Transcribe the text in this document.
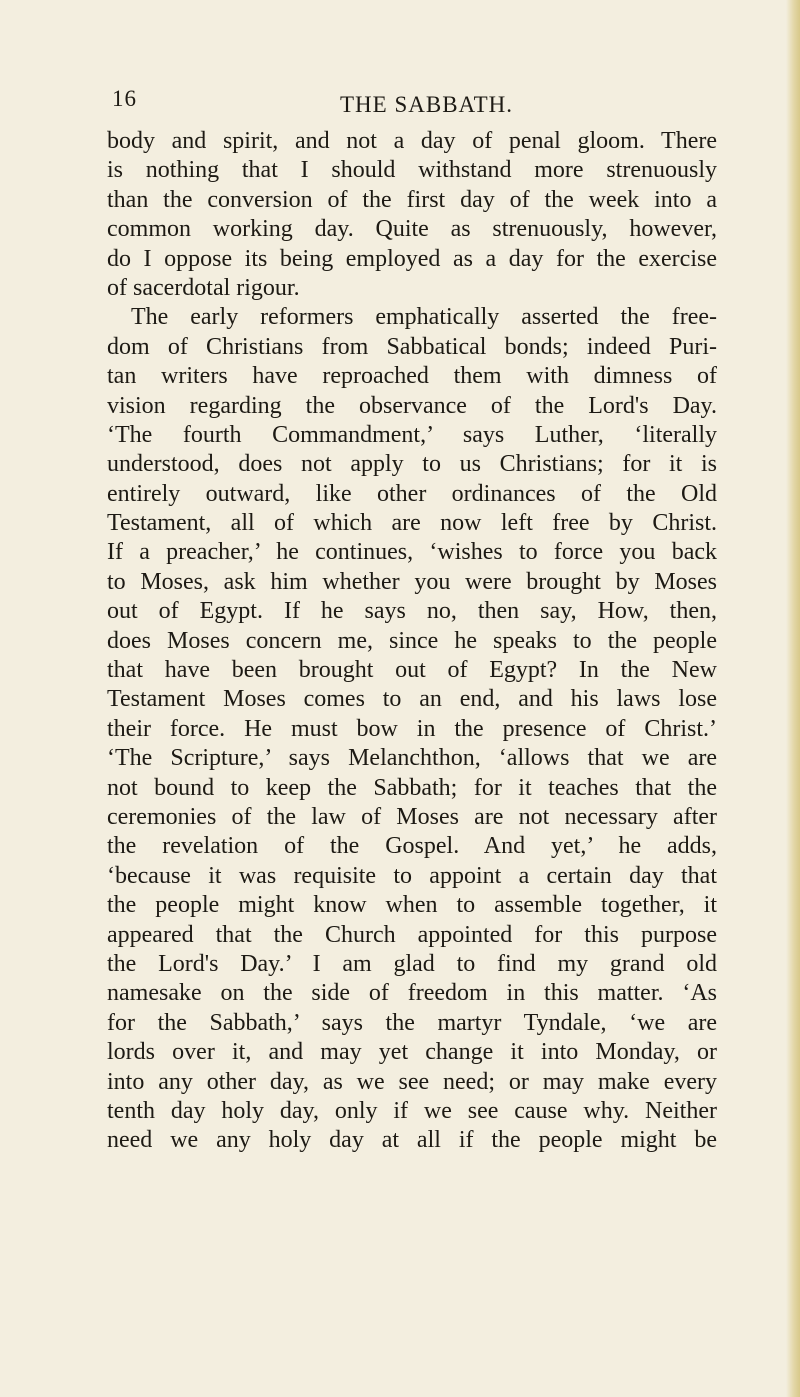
16	THE SABBATH.
body and spirit, and not a day of penal gloom. There
is nothing that I should withstand more strenuously
than the conversion of the first day of the week into a
common working day. Quite as strenuously, however,
do I oppose its being employed as a day for the exercise
of sacerdotal rigour.
The early reformers emphatically asserted the free-
dom of Christians from Sabbatical bonds; indeed Puri-
tan writers have reproached them with dimness of
vision regarding the observance of the Lord's Day.
‘The fourth Commandment,’ says Luther, ‘literally
understood, does not apply to us Christians; for it is
entirely outward, like other ordinances of the Old
Testament, all of which are now left free by Christ.
If a preacher,’ he continues, ‘wishes to force you back
to Moses, ask him whether you were brought by Moses
out of Egypt. If he says no, then say, How, then,
does Moses concern me, since he speaks to the people
that have been brought out of Egypt? In the New
Testament Moses comes to an end, and his laws lose
their force. He must bow in the presence of Christ.’
‘The Scripture,’ says Melanchthon, ‘allows that we are
not bound to keep the Sabbath; for it teaches that the
ceremonies of the law of Moses are not necessary after
the revelation of the Gospel. And yet,’ he adds,
‘because it was requisite to appoint a certain day that
the people might know when to assemble together, it
appeared that the Church appointed for this purpose
the Lord's Day.’ I am glad to find my grand old
namesake on the side of freedom in this matter. ‘As
for the Sabbath,’ says the martyr Tyndale, ‘we are
lords over it, and may yet change it into Monday, or
into any other day, as we see need; or may make every
tenth day holy day, only if we see cause why. Neither
need we any holy day at all if the people might be
